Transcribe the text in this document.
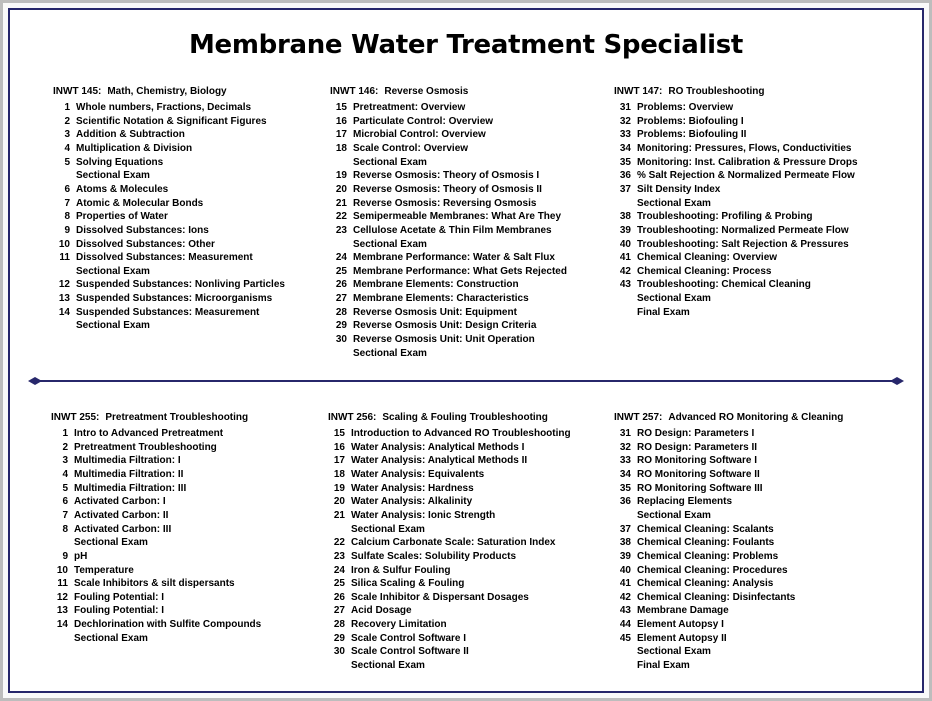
Membrane Water Treatment Specialist
INWT 145: Math, Chemistry, Biology
1 Whole numbers, Fractions, Decimals
2 Scientific Notation & Significant Figures
3 Addition & Subtraction
4 Multiplication & Division
5 Solving Equations
Sectional Exam
6 Atoms & Molecules
7 Atomic & Molecular Bonds
8 Properties of Water
9 Dissolved Substances: Ions
10 Dissolved Substances: Other
11 Dissolved Substances: Measurement
Sectional Exam
12 Suspended Substances: Nonliving Particles
13 Suspended Substances: Microorganisms
14 Suspended Substances: Measurement
Sectional Exam
INWT 146: Reverse Osmosis
15 Pretreatment: Overview
16 Particulate Control: Overview
17 Microbial Control: Overview
18 Scale Control: Overview
Sectional Exam
19 Reverse Osmosis: Theory of Osmosis I
20 Reverse Osmosis: Theory of Osmosis II
21 Reverse Osmosis: Reversing Osmosis
22 Semipermeable Membranes: What Are They
23 Cellulose Acetate & Thin Film Membranes
Sectional Exam
24 Membrane Performance: Water & Salt Flux
25 Membrane Performance: What Gets Rejected
26 Membrane Elements: Construction
27 Membrane Elements: Characteristics
28 Reverse Osmosis Unit: Equipment
29 Reverse Osmosis Unit: Design Criteria
30 Reverse Osmosis Unit: Unit Operation
Sectional Exam
INWT 147: RO Troubleshooting
31 Problems: Overview
32 Problems: Biofouling I
33 Problems: Biofouling II
34 Monitoring: Pressures, Flows, Conductivities
35 Monitoring: Inst. Calibration & Pressure Drops
36 % Salt Rejection & Normalized Permeate Flow
37 Silt Density Index
Sectional Exam
38 Troubleshooting: Profiling & Probing
39 Troubleshooting: Normalized Permeate Flow
40 Troubleshooting: Salt Rejection & Pressures
41 Chemical Cleaning: Overview
42 Chemical Cleaning: Process
43 Troubleshooting: Chemical Cleaning
Sectional Exam
Final Exam
INWT 255: Pretreatment Troubleshooting
1 Intro to Advanced Pretreatment
2 Pretreatment Troubleshooting
3 Multimedia Filtration: I
4 Multimedia Filtration: II
5 Multimedia Filtration: III
6 Activated Carbon: I
7 Activated Carbon: II
8 Activated Carbon: III
Sectional Exam
9 pH
10 Temperature
11 Scale Inhibitors & silt dispersants
12 Fouling Potential: I
13 Fouling Potential: I
14 Dechlorination with Sulfite Compounds
Sectional Exam
INWT 256: Scaling & Fouling Troubleshooting
15 Introduction to Advanced RO Troubleshooting
16 Water Analysis: Analytical Methods I
17 Water Analysis: Analytical Methods II
18 Water Analysis: Equivalents
19 Water Analysis: Hardness
20 Water Analysis: Alkalinity
21 Water Analysis: Ionic Strength
Sectional Exam
22 Calcium Carbonate Scale: Saturation Index
23 Sulfate Scales: Solubility Products
24 Iron & Sulfur Fouling
25 Silica Scaling & Fouling
26 Scale Inhibitor & Dispersant Dosages
27 Acid Dosage
28 Recovery Limitation
29 Scale Control Software I
30 Scale Control Software II
Sectional Exam
INWT 257: Advanced RO Monitoring & Cleaning
31 RO Design: Parameters I
32 RO Design: Parameters II
33 RO Monitoring Software I
34 RO Monitoring Software II
35 RO Monitoring Software III
36 Replacing Elements
Sectional Exam
37 Chemical Cleaning: Scalants
38 Chemical Cleaning: Foulants
39 Chemical Cleaning: Problems
40 Chemical Cleaning: Procedures
41 Chemical Cleaning: Analysis
42 Chemical Cleaning: Disinfectants
43 Membrane Damage
44 Element Autopsy I
45 Element Autopsy II
Sectional Exam
Final Exam
